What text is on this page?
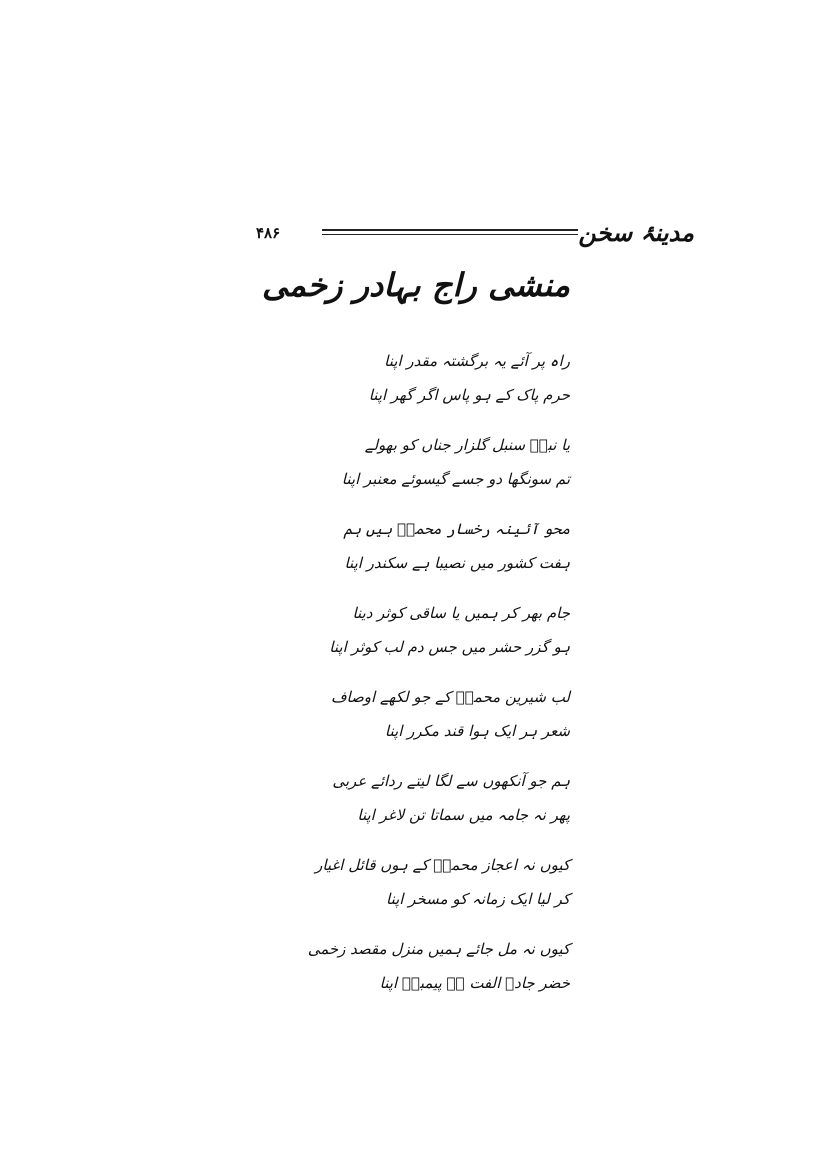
مدینۂ سخن
۴۸۶
منشی راج بہادر زخمی
راہ پر آئے یہ برگشتہ مقدر اپنا
حرم پاک کے ہو پاس اگر گھر اپنا
یا نبیؐ سنبل گلزار جناں کو بھولے
تم سونگھا دو جسے گیسوئے معنبر اپنا
محو آئینہ رخسار محمدؐ ہیں ہم
ہفت کشور میں نصیبا ہے سکندر اپنا
جام بھر کر ہمیں یا ساقی کوثر دینا
ہو گزر حشر میں جس دم لب کوثر اپنا
لب شیرین محمدؐ کے جو لکھے اوصاف
شعر ہر ایک ہوا قند مکرر اپنا
ہم جو آنکھوں سے لگا لیتے ردائے عربی
پھر نہ جامہ میں سماتا تن لاغر اپنا
کیوں نہ اعجاز محمدؐ کے ہوں قائل اغیار
کر لیا ایک زمانہ کو مسخر اپنا
کیوں نہ مل جائے ہمیں منزل مقصد زخمی
خضر جادہ الفت ہے پیمبرؐ اپنا
